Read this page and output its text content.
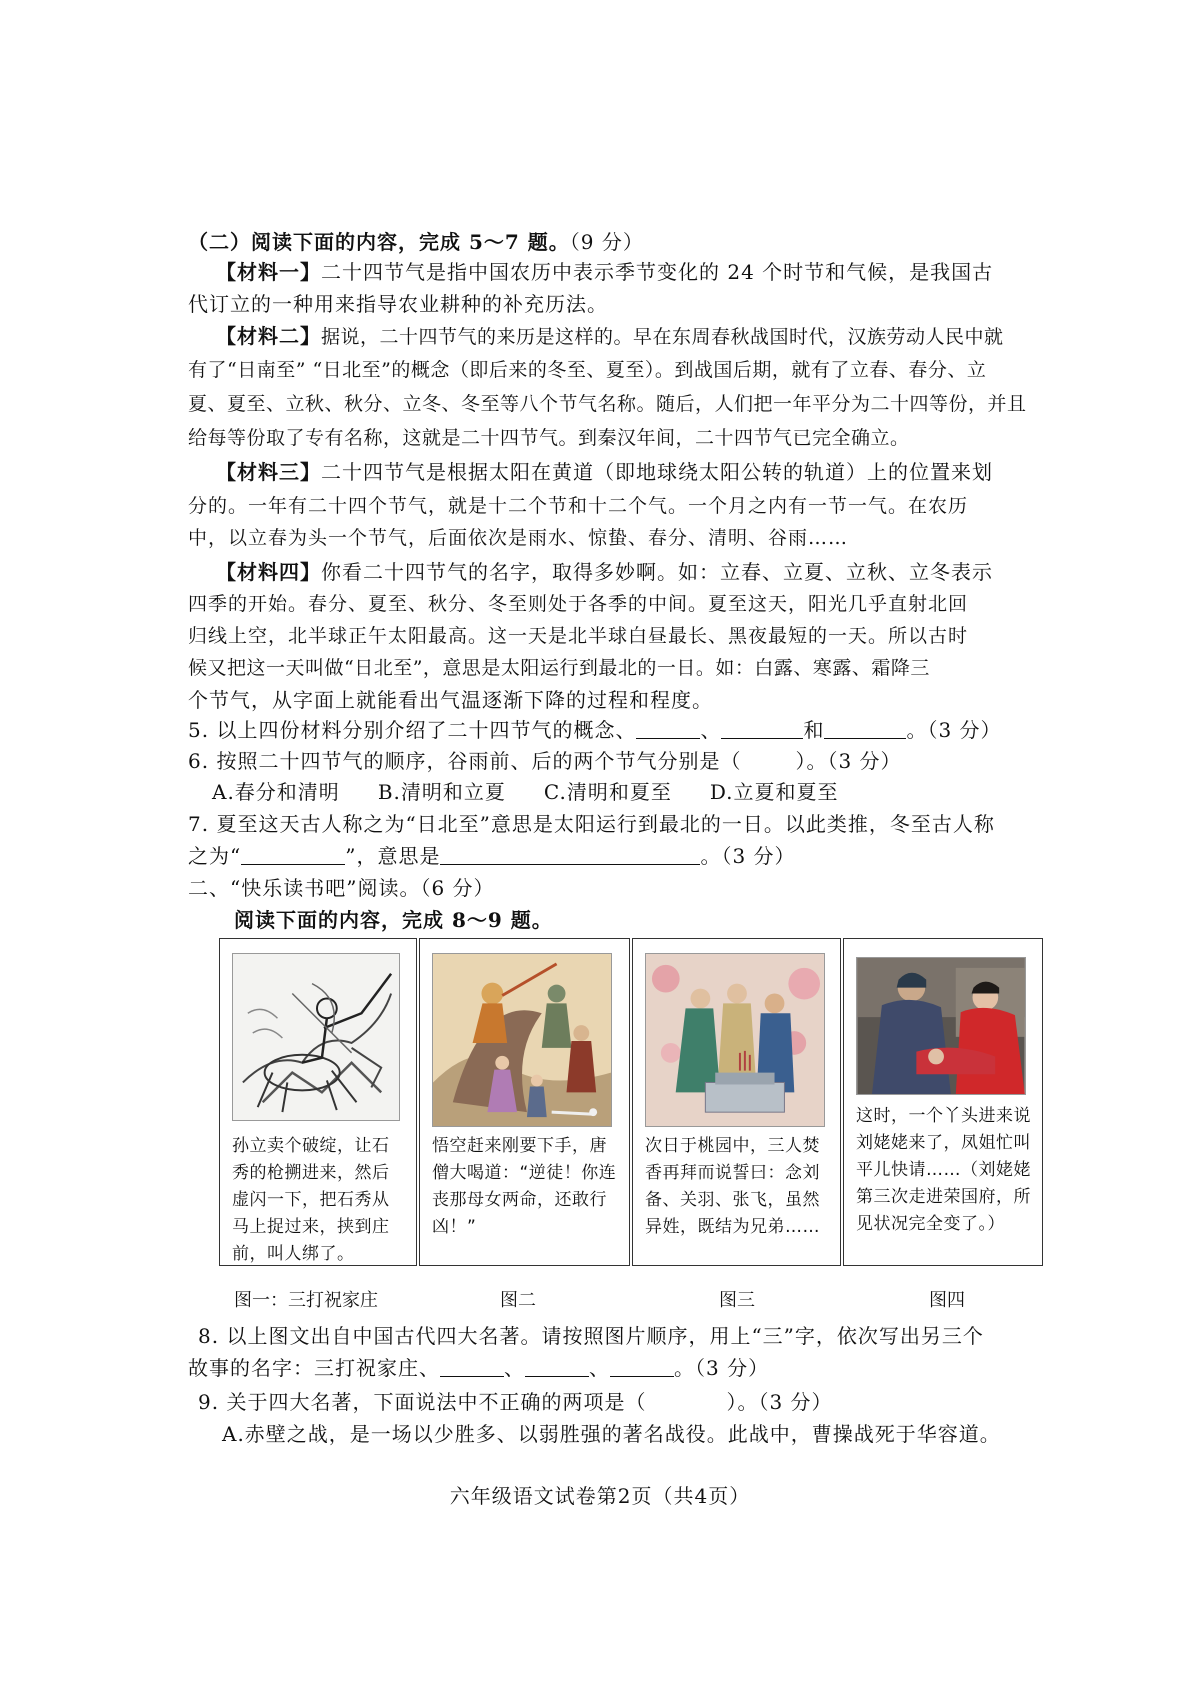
（二）阅读下面的内容，完成 5～7 题。（9 分）
【材料一】二十四节气是指中国农历中表示季节变化的 24 个时节和气候，是我国古
代订立的一种用来指导农业耕种的补充历法。
【材料二】据说，二十四节气的来历是这样的。早在东周春秋战国时代，汉族劳动人民中就
有了“日南至” “日北至”的概念（即后来的冬至、夏至）。到战国后期，就有了立春、春分、立
夏、夏至、立秋、秋分、立冬、冬至等八个节气名称。随后，人们把一年平分为二十四等份，并且
给每等份取了专有名称，这就是二十四节气。到秦汉年间，二十四节气已完全确立。
【材料三】二十四节气是根据太阳在黄道（即地球绕太阳公转的轨道）上的位置来划
分的。一年有二十四个节气，就是十二个节和十二个气。一个月之内有一节一气。在农历
中，以立春为头一个节气，后面依次是雨水、惊蛰、春分、清明、谷雨……
【材料四】你看二十四节气的名字，取得多妙啊。如：立春、立夏、立秋、立冬表示
四季的开始。春分、夏至、秋分、冬至则处于各季的中间。夏至这天，阳光几乎直射北回
归线上空，北半球正午太阳最高。这一天是北半球白昼最长、黑夜最短的一天。所以古时
候又把这一天叫做“日北至”，意思是太阳运行到最北的一日。如：白露、寒露、霜降三
个节气，从字面上就能看出气温逐渐下降的过程和程度。
5. 以上四份材料分别介绍了二十四节气的概念、	、	和	。（3 分）
6. 按照二十四节气的顺序，谷雨前、后的两个节气分别是（	）。（3 分）
A.春分和清明 B.清明和立夏 C.清明和夏至 D.立夏和夏至
7. 夏至这天古人称之为“日北至”意思是太阳运行到最北的一日。以此类推，冬至古人称
之为“	”，意思是	。（3 分）
二、“快乐读书吧”阅读。（6 分）
阅读下面的内容，完成 8～9 题。
孙立卖个破绽，让石秀的枪搠进来，然后虚闪一下，把石秀从马上捉过来，挟到庄前，叫人绑了。
悟空赶来刚要下手，唐僧大喝道：“逆徒！你连丧那母女两命，还敢行凶！”
次日于桃园中，三人焚香再拜而说誓曰：念刘备、关羽、张飞，虽然异姓，既结为兄弟……
这时，一个丫头进来说刘姥姥来了，凤姐忙叫平儿快请……（刘姥姥第三次走进荣国府，所见状况完全变了。）
图一：三打祝家庄	图二	图三	图四
8. 以上图文出自中国古代四大名著。请按照图片顺序，用上“三”字，依次写出另三个
故事的名字：三打祝家庄、	、	、	。（3 分）
9. 关于四大名著，下面说法中不正确的两项是（	）。（3 分）
A.赤壁之战，是一场以少胜多、以弱胜强的著名战役。此战中，曹操战死于华容道。
六年级语文试卷第2页（共4页）
